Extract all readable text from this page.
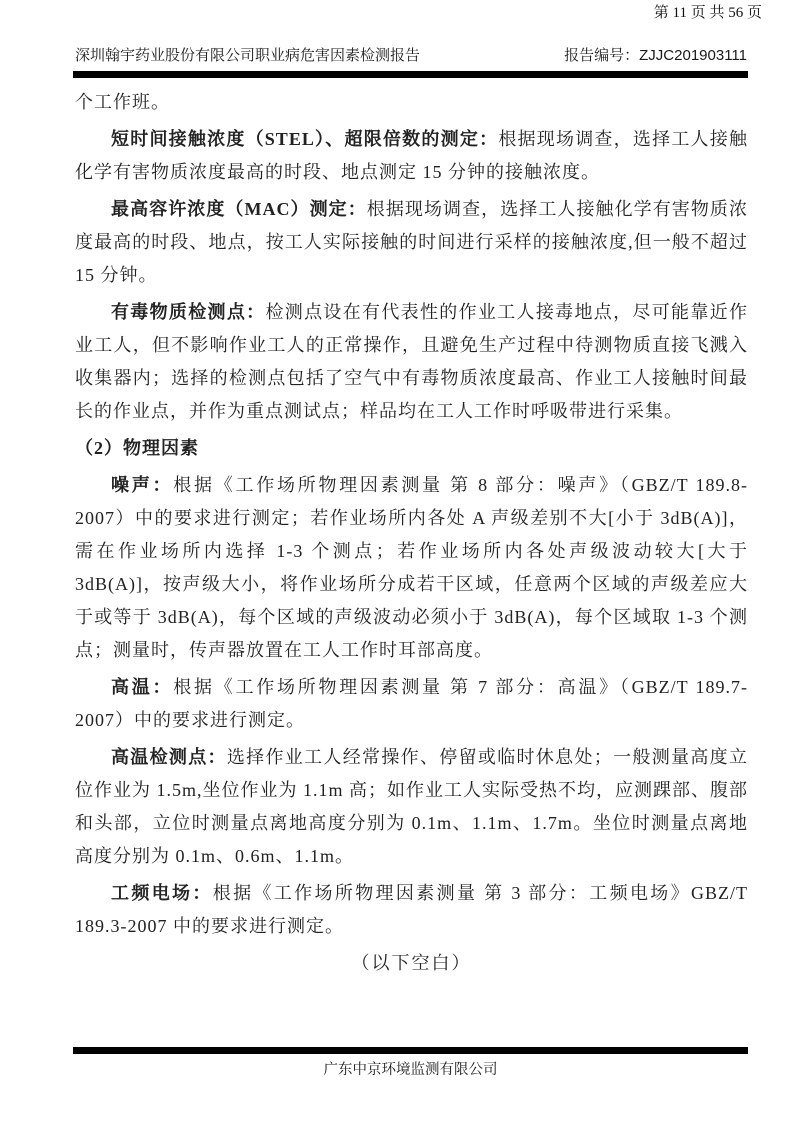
深圳翰宇药业股份有限公司职业病危害因素检测报告	报告编号：ZJJC201903111

个工作班。

短时间接触浓度（STEL）、超限倍数的测定：根据现场调查，选择工人接触化学有害物质浓度最高的时段、地点测定 15 分钟的接触浓度。

最高容许浓度（MAC）测定：根据现场调查，选择工人接触化学有害物质浓度最高的时段、地点，按工人实际接触的时间进行采样的接触浓度,但一般不超过 15 分钟。

有毒物质检测点：检测点设在有代表性的作业工人接毒地点，尽可能靠近作业工人，但不影响作业工人的正常操作，且避免生产过程中待测物质直接飞溅入收集器内；选择的检测点包括了空气中有毒物质浓度最高、作业工人接触时间最长的作业点，并作为重点测试点；样品均在工人工作时呼吸带进行采集。

（2）物理因素

噪声：根据《工作场所物理因素测量 第 8 部分：噪声》（GBZ/T 189.8-2007）中的要求进行测定；若作业场所内各处 A 声级差别不大[小于 3dB(A)]，需在作业场所内选择 1-3 个测点；若作业场所内各处声级波动较大[大于 3dB(A)]，按声级大小，将作业场所分成若干区域，任意两个区域的声级差应大于或等于 3dB(A)，每个区域的声级波动必须小于 3dB(A)，每个区域取 1-3 个测点；测量时，传声器放置在工人工作时耳部高度。

高温：根据《工作场所物理因素测量 第 7 部分：高温》（GBZ/T 189.7-2007）中的要求进行测定。

高温检测点：选择作业工人经常操作、停留或临时休息处；一般测量高度立位作业为 1.5m,坐位作业为 1.1m 高；如作业工人实际受热不均，应测踝部、腹部和头部，立位时测量点离地高度分别为 0.1m、1.1m、1.7m。坐位时测量点离地高度分别为 0.1m、0.6m、1.1m。

工频电场：根据《工作场所物理因素测量 第 3 部分：工频电场》GBZ/T 189.3-2007 中的要求进行测定。

（以下空白）

广东中京环境监测有限公司
第 11 页 共 56 页
